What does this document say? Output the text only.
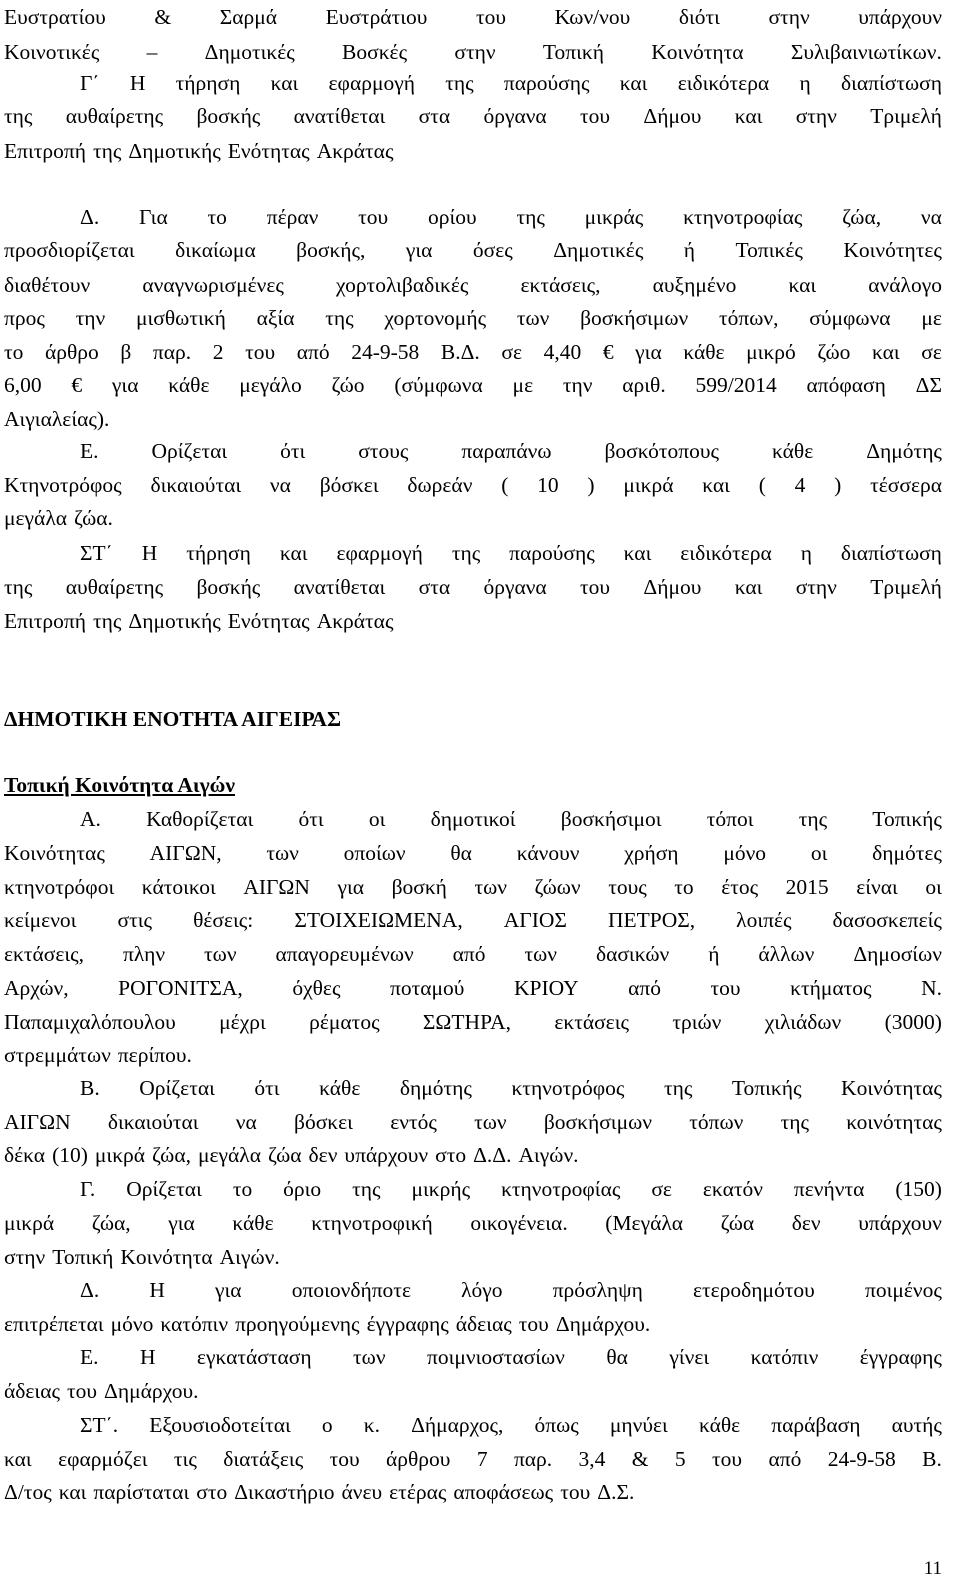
Ευστρατίου & Σαρμά Ευστράτιου του Κων/νου διότι στην υπάρχουν
Κοινοτικές – Δημοτικές Βοσκές στην Τοπική Κοινότητα Συλιβαινιωτίκων.
Γ΄ Η τήρηση και εφαρμογή της παρούσης και ειδικότερα η διαπίστωση
της αυθαίρετης βοσκής ανατίθεται στα όργανα του Δήμου και στην Τριμελή
Επιτροπή της Δημοτικής Ενότητας Ακράτας
Δ. Για το πέραν του ορίου της μικράς κτηνοτροφίας ζώα, να
προσδιορίζεται δικαίωμα βοσκής, για όσες Δημοτικές ή Τοπικές Κοινότητες
διαθέτουν αναγνωρισμένες χορτολιβαδικές εκτάσεις, αυξημένο και ανάλογο
προς την μισθωτική αξία της χορτονομής των βοσκήσιμων τόπων, σύμφωνα με
το άρθρο β παρ. 2 του από 24-9-58 Β.Δ. σε 4,40 € για κάθε μικρό ζώο και σε
6,00 € για κάθε μεγάλο ζώο (σύμφωνα με την αριθ. 599/2014 απόφαση ΔΣ
Αιγιαλείας).
Ε. Ορίζεται ότι στους παραπάνω βοσκότοπους κάθε Δημότης
Κτηνοτρόφος δικαιούται να βόσκει δωρεάν ( 10 ) μικρά και ( 4 ) τέσσερα
μεγάλα ζώα.
ΣΤ΄ Η τήρηση και εφαρμογή της παρούσης και ειδικότερα η διαπίστωση
της αυθαίρετης βοσκής ανατίθεται στα όργανα του Δήμου και στην Τριμελή
Επιτροπή της Δημοτικής Ενότητας Ακράτας
ΔΗΜΟΤΙΚΗ ΕΝΟΤΗΤΑ ΑΙΓΕΙΡΑΣ
Τοπική Κοινότητα Αιγών
Α. Καθορίζεται ότι οι δημοτικοί βοσκήσιμοι τόποι της Τοπικής
Κοινότητας ΑΙΓΩΝ, των οποίων θα κάνουν χρήση μόνο οι δημότες
κτηνοτρόφοι κάτοικοι ΑΙΓΩΝ για βοσκή των ζώων τους το έτος 2015 είναι οι
κείμενοι στις θέσεις: ΣΤΟΙΧΕΙΩΜΕΝΑ, ΑΓΙΟΣ ΠΕΤΡΟΣ, λοιπές δασοσκεπείς
εκτάσεις, πλην των απαγορευμένων από των δασικών ή άλλων Δημοσίων
Αρχών, ΡΟΓΟΝΙΤΣΑ, όχθες ποταμού ΚΡΙΟΥ από του κτήματος Ν.
Παπαμιχαλόπουλου μέχρι ρέματος ΣΩΤΗΡΑ, εκτάσεις τριών χιλιάδων (3000)
στρεμμάτων περίπου.
Β. Ορίζεται ότι κάθε δημότης κτηνοτρόφος της Τοπικής Κοινότητας
ΑΙΓΩΝ δικαιούται να βόσκει εντός των βοσκήσιμων τόπων της κοινότητας
δέκα (10) μικρά ζώα, μεγάλα ζώα δεν υπάρχουν στο Δ.Δ. Αιγών.
Γ. Ορίζεται το όριο της μικρής κτηνοτροφίας σε εκατόν πενήντα (150)
μικρά ζώα, για κάθε κτηνοτροφική οικογένεια. (Μεγάλα ζώα δεν υπάρχουν
στην Τοπική Κοινότητα Αιγών.
Δ. Η για οποιονδήποτε λόγο πρόσληψη ετεροδημότου ποιμένος
επιτρέπεται μόνο κατόπιν προηγούμενης έγγραφης άδειας του Δημάρχου.
Ε. Η εγκατάσταση των ποιμνιοστασίων θα γίνει κατόπιν έγγραφης
άδειας του Δημάρχου.
ΣΤ΄. Εξουσιοδοτείται ο κ. Δήμαρχος, όπως μηνύει κάθε παράβαση αυτής
και εφαρμόζει τις διατάξεις του άρθρου 7 παρ. 3,4 & 5 του από 24-9-58 Β.
Δ/τος και παρίσταται στο Δικαστήριο άνευ ετέρας αποφάσεως του Δ.Σ.
11
